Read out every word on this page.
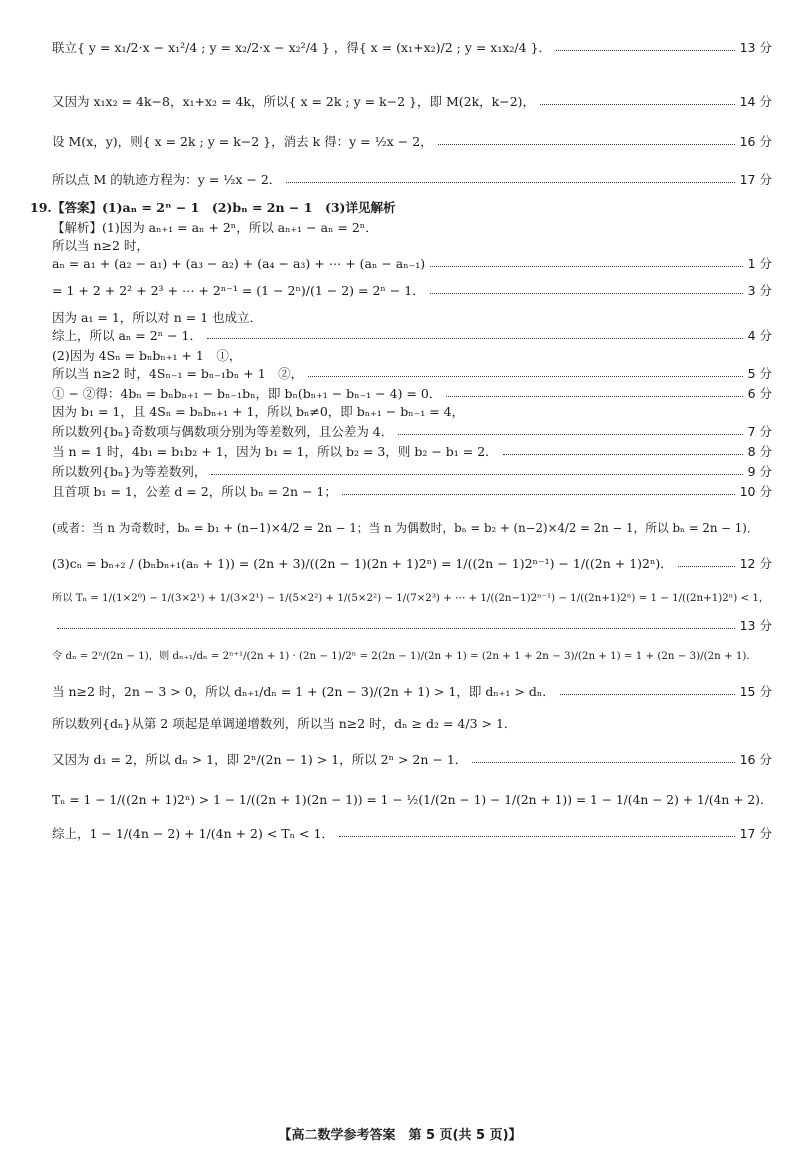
19.
联立{ y = x₁/2·x − x₁²/4 ; y = x₂/2·x − x₂²/4 } ，得{ x = (x₁+x₂)/2 ; y = x₁x₂/4 }．	13 分
又因为 x₁x₂ = 4k−8，x₁+x₂ = 4k，所以{ x = 2k ; y = k−2 }，即 M(2k，k−2)，	14 分
设 M(x，y)，则{ x = 2k ; y = k−2 }，消去 k 得：y = ½x − 2，	16 分
所以点 M 的轨迹方程为：y = ½x − 2．	17 分
【答案】(1)aₙ = 2ⁿ − 1　(2)bₙ = 2n − 1　(3)详见解析
【解析】(1)因为 aₙ₊₁ = aₙ + 2ⁿ，所以 aₙ₊₁ − aₙ = 2ⁿ．
所以当 n≥2 时，
aₙ = a₁ + (a₂ − a₁) + (a₃ − a₂) + (a₄ − a₃) + ⋯ + (aₙ − aₙ₋₁)	1 分
= 1 + 2 + 2² + 2³ + ⋯ + 2ⁿ⁻¹ = (1 − 2ⁿ)/(1 − 2) = 2ⁿ − 1．	3 分
因为 a₁ = 1，所以对 n = 1 也成立．
综上，所以 aₙ = 2ⁿ − 1．	4 分
(2)因为 4Sₙ = bₙbₙ₊₁ + 1　①，
所以当 n≥2 时，4Sₙ₋₁ = bₙ₋₁bₙ + 1　②，	5 分
① − ②得：4bₙ = bₙbₙ₊₁ − bₙ₋₁bₙ，即 bₙ(bₙ₊₁ − bₙ₋₁ − 4) = 0．	6 分
因为 b₁ = 1，且 4Sₙ = bₙbₙ₊₁ + 1，所以 bₙ≠0，即 bₙ₊₁ − bₙ₋₁ = 4，
所以数列{bₙ}奇数项与偶数项分别为等差数列，且公差为 4．	7 分
当 n = 1 时，4b₁ = b₁b₂ + 1，因为 b₁ = 1，所以 b₂ = 3，则 b₂ − b₁ = 2．	8 分
所以数列{bₙ}为等差数列，	9 分
且首项 b₁ = 1，公差 d = 2，所以 bₙ = 2n − 1；	10 分
(或者：当 n 为奇数时，bₙ = b₁ + (n−1)×4/2 = 2n − 1；当 n 为偶数时，bₙ = b₂ + (n−2)×4/2 = 2n − 1，所以 bₙ = 2n − 1)．
(3)cₙ = bₙ₊₂ / (bₙbₙ₊₁(aₙ + 1)) = (2n + 3)/((2n − 1)(2n + 1)2ⁿ) = 1/((2n − 1)2ⁿ⁻¹) − 1/((2n + 1)2ⁿ)．	12 分
所以 Tₙ = 1/(1×2⁰) − 1/(3×2¹) + 1/(3×2¹) − 1/(5×2²) + 1/(5×2²) − 1/(7×2³) + ⋯ + 1/((2n−1)2ⁿ⁻¹) − 1/((2n+1)2ⁿ) = 1 − 1/((2n+1)2ⁿ) < 1，
13 分
令 dₙ = 2ⁿ/(2n − 1)，则 dₙ₊₁/dₙ = 2ⁿ⁺¹/(2n + 1) · (2n − 1)/2ⁿ = 2(2n − 1)/(2n + 1) = (2n + 1 + 2n − 3)/(2n + 1) = 1 + (2n − 3)/(2n + 1)．
当 n≥2 时，2n − 3 > 0，所以 dₙ₊₁/dₙ = 1 + (2n − 3)/(2n + 1) > 1，即 dₙ₊₁ > dₙ．	15 分
所以数列{dₙ}从第 2 项起是单调递增数列，所以当 n≥2 时，dₙ ≥ d₂ = 4/3 > 1．
又因为 d₁ = 2，所以 dₙ > 1，即 2ⁿ/(2n − 1) > 1，所以 2ⁿ > 2n − 1．	16 分
Tₙ = 1 − 1/((2n + 1)2ⁿ) > 1 − 1/((2n + 1)(2n − 1)) = 1 − ½(1/(2n − 1) − 1/(2n + 1)) = 1 − 1/(4n − 2) + 1/(4n + 2)．
综上，1 − 1/(4n − 2) + 1/(4n + 2) < Tₙ < 1．	17 分
【高二数学参考答案　第 5 页(共 5 页)】
